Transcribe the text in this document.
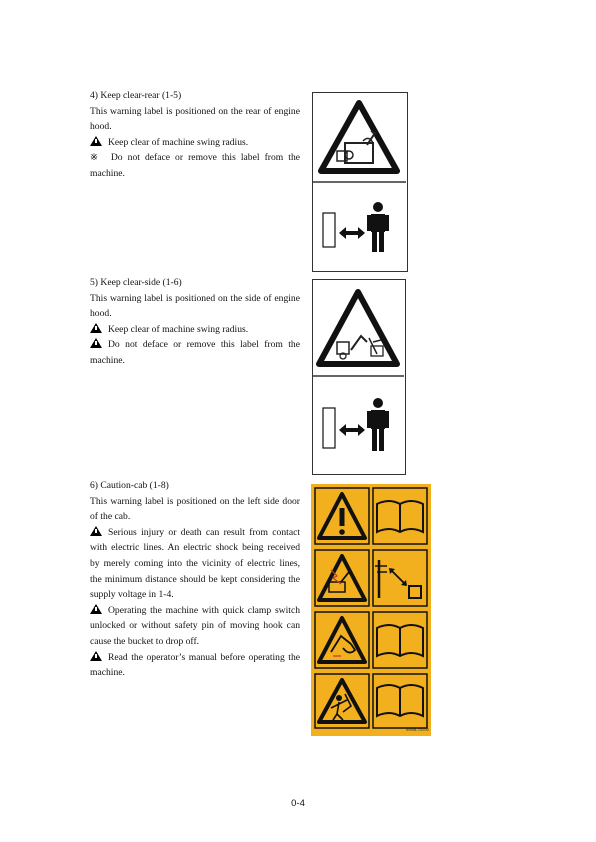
4) Keep clear-rear (1-5)

This warning label is positioned on the rear of engine hood.

Keep clear of machine swing radius.

※ Do not deface or remove this label from the machine.

5) Keep clear-side (1-6)

This warning label is positioned on the side of engine hood.

Keep clear of machine swing radius.

Do not deface or remove this label from the machine.

6) Caution-cab (1-8)

This warning label is positioned on the left side door of the cab.

Serious injury or death can result from contact with electric lines. An electric shock being received by merely coming into the vicinity of electric lines, the minimum distance should be kept considering the supply voltage in 1-4.

Operating the machine with quick clamp switch unlocked or without safety pin of moving hook can cause the bucket to drop off.

Read the operator’s manual before operating the machine.

99MB-70200
0-4
